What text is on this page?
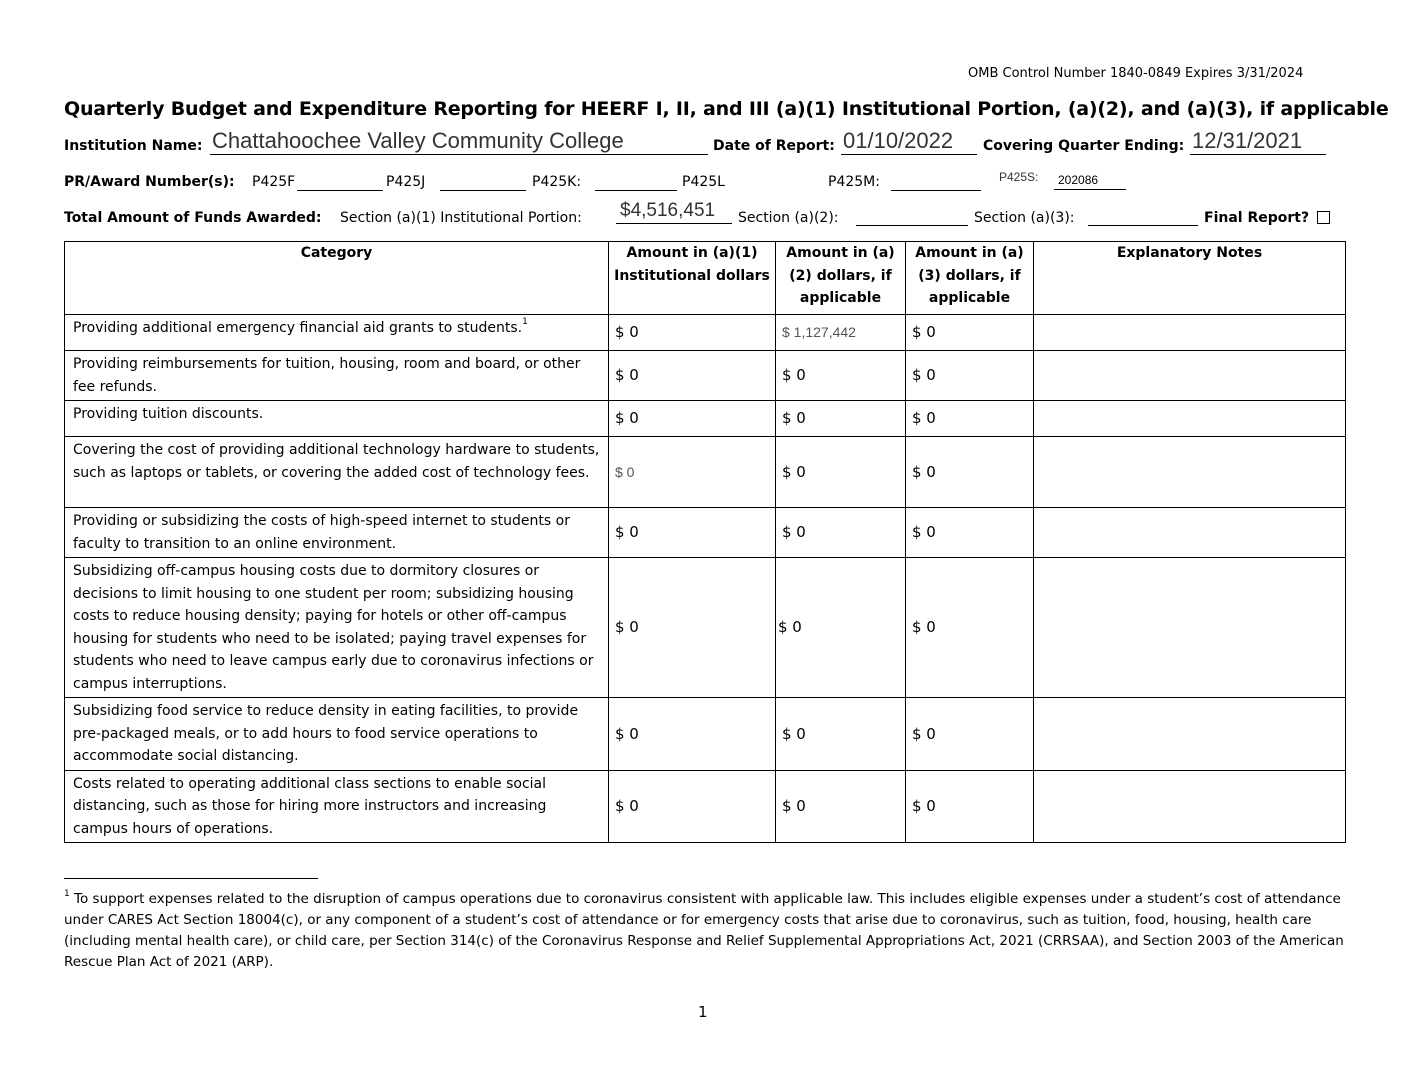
OMB Control Number 1840-0849 Expires 3/31/2024
Quarterly Budget and Expenditure Reporting for HEERF I, II, and III (a)(1) Institutional Portion, (a)(2), and (a)(3), if applicable
Institution Name: Chattahoochee Valley Community College	Date of Report: 01/10/2022 Covering Quarter Ending: 12/31/2021
PR/Award Number(s): P425F	P425J	P425K:	P425L	P425M:	P425S: 202086
Total Amount of Funds Awarded: Section (a)(1) Institutional Portion: $4,516,451 Section (a)(2):	Section (a)(3):	Final Report?
Category	Amount in (a)(1) Institutional dollars	Amount in (a)(2) dollars, if applicable	Amount in (a)(3) dollars, if applicable	Explanatory Notes
Providing additional emergency financial aid grants to students.$^1$	$ 0	$ 1,127,442	$ 0	
Providing reimbursements for tuition, housing, room and board, or other fee refunds.	$ 0	$ 0	$ 0	
Providing tuition discounts.	$ 0	$ 0	$ 0	
Covering the cost of providing additional technology hardware to students, such as laptops or tablets, or covering the added cost of technology fees.	$ 0	$ 0	$ 0	
Providing or subsidizing the costs of high-speed internet to students or faculty to transition to an online environment.	$ 0	$ 0	$ 0	
Subsidizing off-campus housing costs due to dormitory closures or decisions to limit housing to one student per room; subsidizing housing costs to reduce housing density; paying for hotels or other off-campus housing for students who need to be isolated; paying travel expenses for students who need to leave campus early due to coronavirus infections or campus interruptions.	$ 0	$ 0	$ 0	
Subsidizing food service to reduce density in eating facilities, to provide pre-packaged meals, or to add hours to food service operations to accommodate social distancing.	$ 0	$ 0	$ 0	
Costs related to operating additional class sections to enable social distancing, such as those for hiring more instructors and increasing campus hours of operations.	$ 0	$ 0	$ 0	
$^1$ To support expenses related to the disruption of campus operations due to coronavirus consistent with applicable law. This includes eligible expenses under a student’s cost of attendance under CARES Act Section 18004(c), or any component of a student’s cost of attendance or for emergency costs that arise due to coronavirus, such as tuition, food, housing, health care (including mental health care), or child care, per Section 314(c) of the Coronavirus Response and Relief Supplemental Appropriations Act, 2021 (CRRSAA), and Section 2003 of the American Rescue Plan Act of 2021 (ARP).
1
